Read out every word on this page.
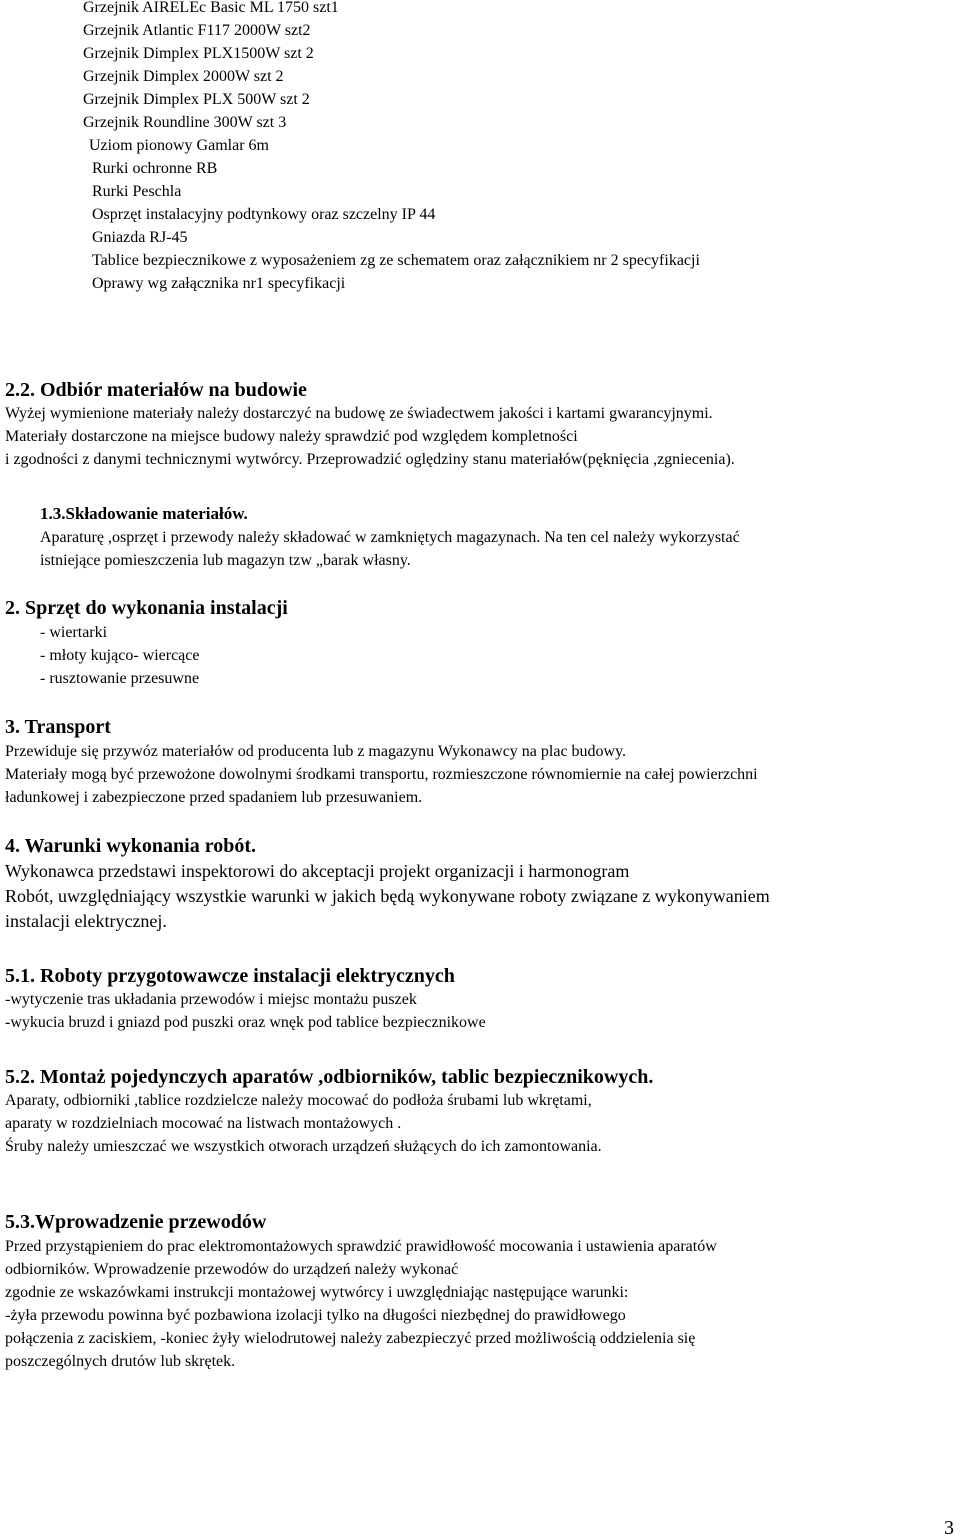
Grzejnik AIRELEc Basic ML 1750 szt1
Grzejnik Atlantic F117 2000W szt2
Grzejnik Dimplex PLX1500W szt 2
Grzejnik Dimplex 2000W szt 2
Grzejnik Dimplex PLX 500W szt 2
Grzejnik Roundline 300W szt 3
Uziom pionowy Gamlar 6m
Rurki ochronne RB
Rurki Peschla
Osprzęt instalacyjny podtynkowy oraz szczelny IP 44
Gniazda RJ-45
Tablice bezpiecznikowe z wyposażeniem zg ze schematem oraz załącznikiem nr 2 specyfikacji
Oprawy wg załącznika nr1 specyfikacji
2.2. Odbiór materiałów na budowie
Wyżej wymienione materiały należy dostarczyć na budowę ze świadectwem jakości i kartami gwarancyjnymi.
Materiały dostarczone na miejsce budowy należy sprawdzić pod względem kompletności
i zgodności z danymi technicznymi wytwórcy. Przeprowadzić oględziny stanu materiałów(pęknięcia ,zgniecenia).
1.3.Składowanie materiałów.
Aparaturę ,osprzęt i przewody należy składować w zamkniętych magazynach. Na ten cel należy wykorzystać
istniejące pomieszczenia lub magazyn tzw „barak własny.
2. Sprzęt do wykonania instalacji
- wiertarki
- młoty kująco- wiercące
- rusztowanie przesuwne
3. Transport
Przewiduje się przywóz materiałów od producenta lub z magazynu Wykonawcy na plac budowy.
Materiały mogą być przewożone dowolnymi środkami transportu, rozmieszczone równomiernie na całej powierzchni
ładunkowej i zabezpieczone przed spadaniem lub przesuwaniem.
4. Warunki wykonania robót.
Wykonawca przedstawi inspektorowi do akceptacji projekt organizacji i harmonogram
Robót, uwzględniający wszystkie warunki w jakich będą wykonywane roboty związane z wykonywaniem
instalacji elektrycznej.
5.1. Roboty przygotowawcze instalacji elektrycznych
-wytyczenie tras układania przewodów i miejsc montażu puszek
-wykucia bruzd i gniazd pod puszki oraz wnęk pod tablice bezpiecznikowe
5.2. Montaż pojedynczych aparatów ,odbiorników, tablic bezpiecznikowych.
Aparaty, odbiorniki ,tablice rozdzielcze należy mocować do podłoża śrubami lub wkrętami,
aparaty w rozdzielniach mocować na listwach montażowych .
Śruby należy umieszczać we wszystkich otworach urządzeń służących do ich zamontowania.
5.3.Wprowadzenie przewodów
Przed przystąpieniem do prac elektromontażowych sprawdzić prawidłowość mocowania i ustawienia aparatów
odbiorników. Wprowadzenie przewodów do urządzeń należy wykonać
zgodnie ze wskazówkami instrukcji montażowej wytwórcy i uwzględniając następujące warunki:
-żyła przewodu powinna być pozbawiona izolacji tylko na długości niezbędnej do prawidłowego
połączenia z zaciskiem, -koniec żyły wielodrutowej należy zabezpieczyć przed możliwością oddzielenia się
poszczególnych drutów lub skrętek.
3
